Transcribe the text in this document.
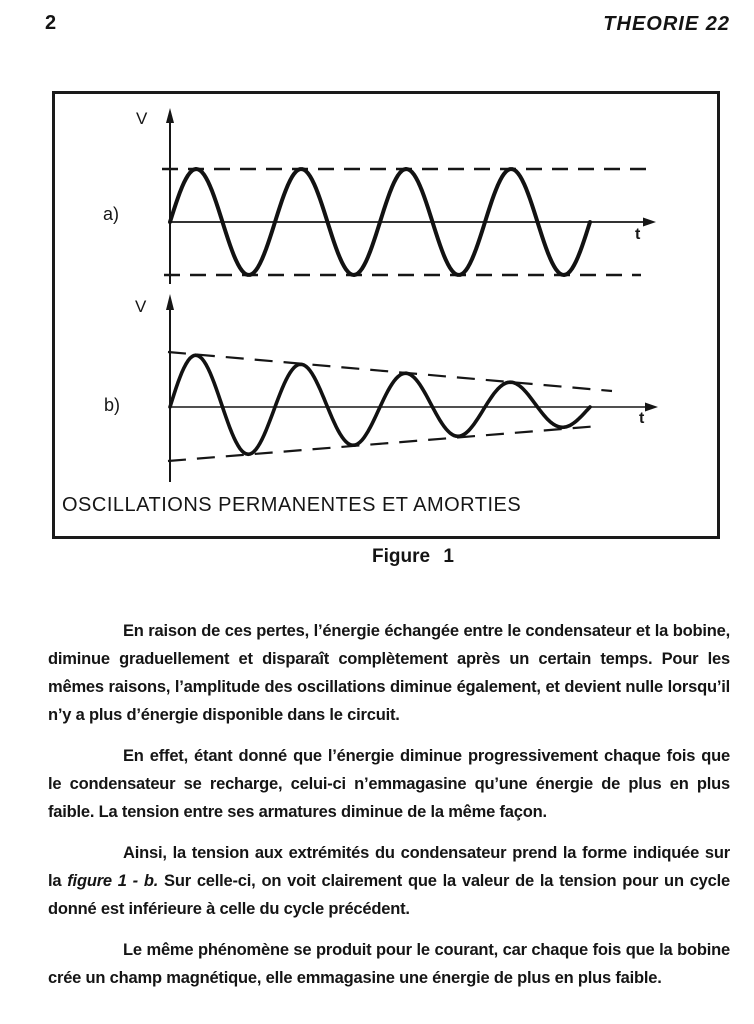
2	THEORIE 22
V
a)
t
V
b)
t
OSCILLATIONS PERMANENTES ET AMORTIES
Figure 1

En raison de ces pertes, l’énergie échangée entre le condensateur et la bobine, diminue graduellement et disparaît complètement après un certain temps. Pour les mêmes raisons, l’amplitude des oscillations diminue également, et devient nulle lorsqu’il n’y a plus d’énergie disponible dans le circuit.

En effet, étant donné que l’énergie diminue progressivement chaque fois que le condensateur se recharge, celui-ci n’emmagasine qu’une énergie de plus en plus faible. La tension entre ses armatures diminue de la même façon.

Ainsi, la tension aux extrémités du condensateur prend la forme indiquée sur la figure 1 - b. Sur celle-ci, on voit clairement que la valeur de la tension pour un cycle donné est inférieure à celle du cycle précédent.

Le même phénomène se produit pour le courant, car chaque fois que la bobine crée un champ magnétique, elle emmagasine une énergie de plus en plus faible.
